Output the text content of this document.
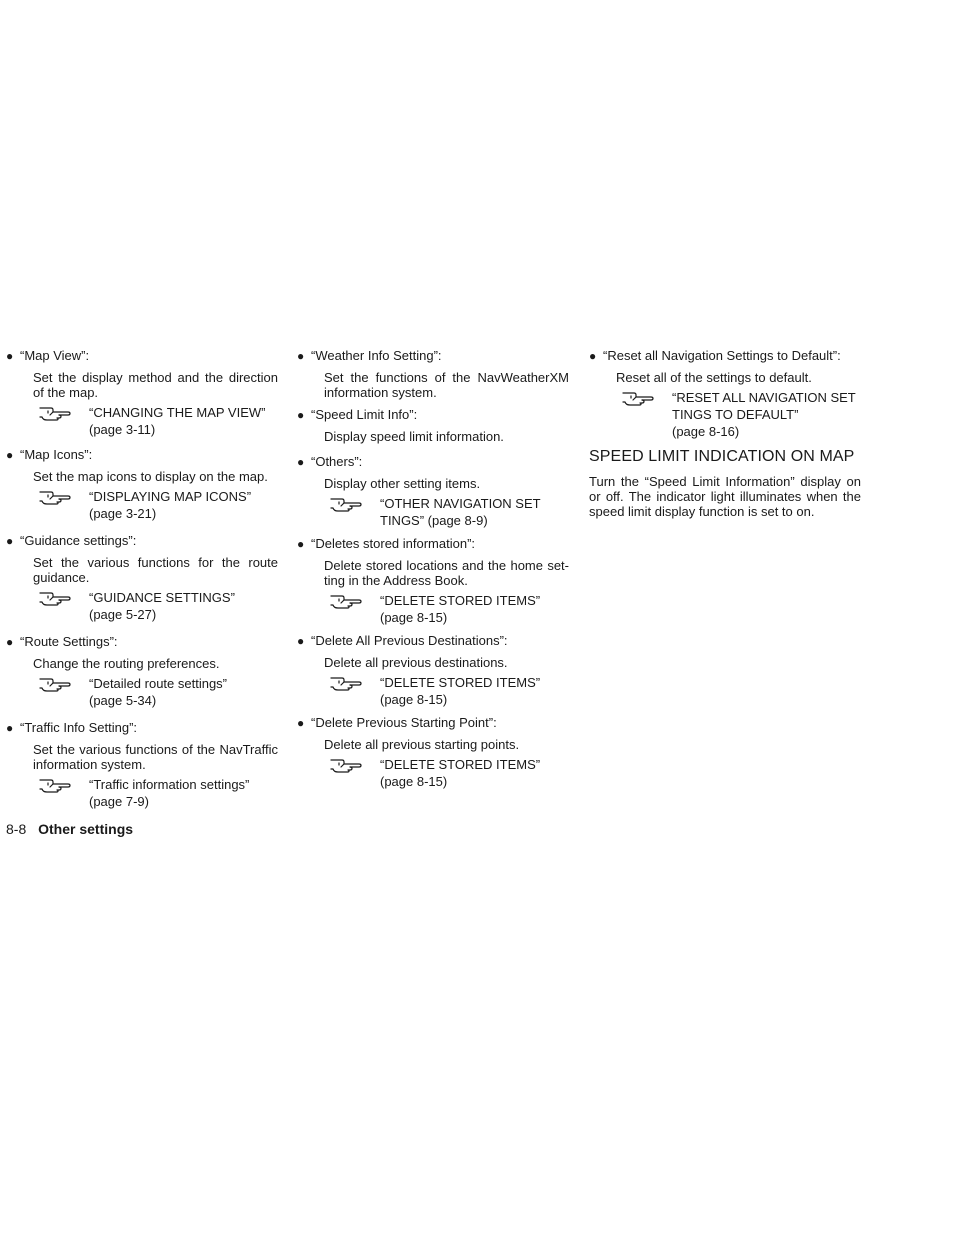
● “Map View”:
Set the display method and the direction of the map.
“CHANGING THE MAP VIEW”
(page 3-11)
● “Map Icons”:
Set the map icons to display on the map.
“DISPLAYING MAP ICONS”
(page 3-21)
● “Guidance settings”:
Set the various functions for the route guidance.
“GUIDANCE SETTINGS”
(page 5-27)
● “Route Settings”:
Change the routing preferences.
“Detailed route settings”
(page 5-34)
● “Traffic Info Setting”:
Set the various functions of the NavTraffic information system.
“Traffic information settings”
(page 7-9)
● “Weather Info Setting”:
Set the functions of the NavWeatherXM information system.
● “Speed Limit Info”:
Display speed limit information.
● “Others”:
Display other setting items.
“OTHER NAVIGATION SET
TINGS” (page 8-9)
● “Deletes stored information”:
Delete stored locations and the home setting in the Address Book.
“DELETE STORED ITEMS”
(page 8-15)
● “Delete All Previous Destinations”:
Delete all previous destinations.
“DELETE STORED ITEMS”
(page 8-15)
● “Delete Previous Starting Point”:
Delete all previous starting points.
“DELETE STORED ITEMS”
(page 8-15)
● “Reset all Navigation Settings to Default”:
Reset all of the settings to default.
“RESET ALL NAVIGATION SET
TINGS TO DEFAULT”
(page 8-16)
SPEED LIMIT INDICATION ON MAP
Turn the “Speed Limit Information” display on or off. The indicator light illuminates when the speed limit display function is set to on.
8-8 Other settings
